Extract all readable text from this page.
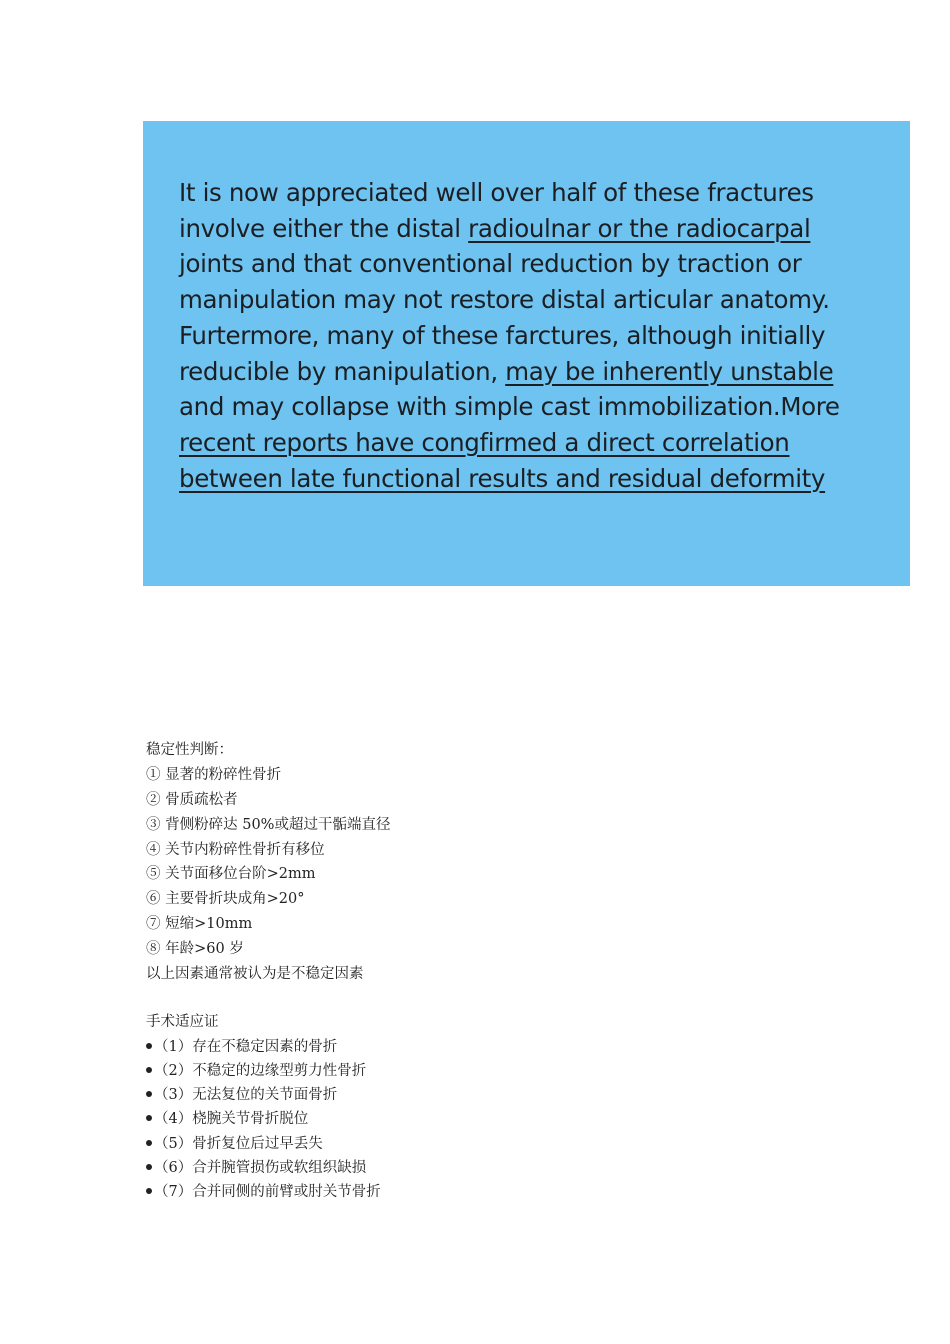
It is now appreciated well over half of these fractures
involve either the distal radioulnar or the radiocarpal
joints and that conventional reduction by traction or
manipulation may not restore distal articular anatomy.
Furtermore, many of these farctures, although initially
reducible by manipulation, may be inherently unstable
and may collapse with simple cast immobilization.More
recent reports have congfirmed a direct correlation
between late functional results and residual deformity
稳定性判断：
① 显著的粉碎性骨折
② 骨质疏松者
③ 背侧粉碎达 50%或超过干骺端直径
④ 关节内粉碎性骨折有移位
⑤ 关节面移位台阶>2mm
⑥ 主要骨折块成角>20°
⑦ 短缩>10mm
⑧ 年龄>60 岁
以上因素通常被认为是不稳定因素
手术适应证
（1）存在不稳定因素的骨折
（2）不稳定的边缘型剪力性骨折
（3）无法复位的关节面骨折
（4）桡腕关节骨折脱位
（5）骨折复位后过早丢失
（6）合并腕管损伤或软组织缺损
（7）合并同侧的前臂或肘关节骨折
